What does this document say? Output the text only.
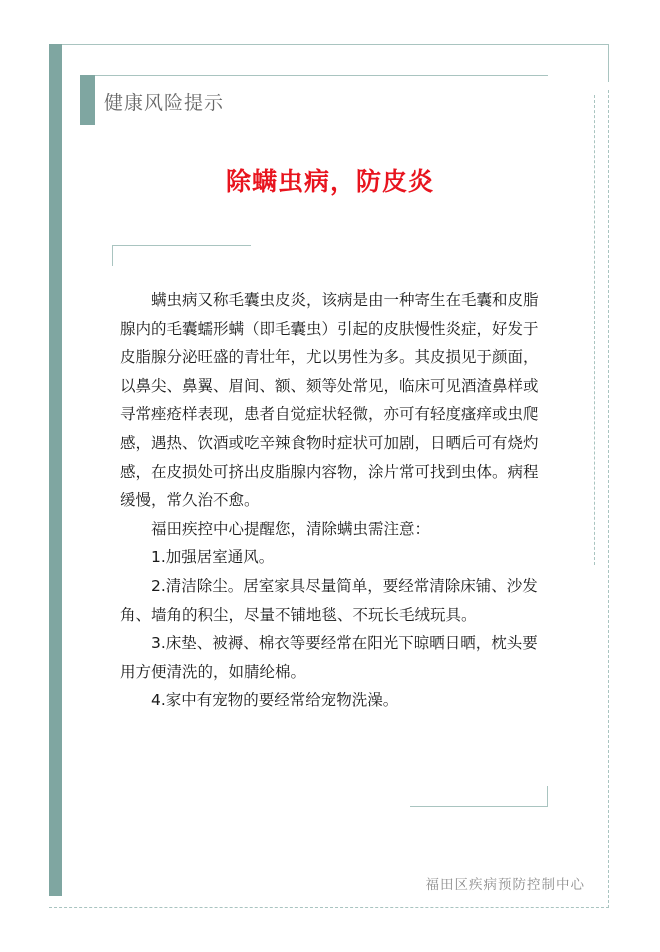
健康风险提示
除螨虫病，防皮炎

螨虫病又称毛囊虫皮炎，该病是由一种寄生在毛囊和皮脂腺内的毛囊蠕形螨（即毛囊虫）引起的皮肤慢性炎症，好发于皮脂腺分泌旺盛的青壮年，尤以男性为多。其皮损见于颜面，以鼻尖、鼻翼、眉间、额、颏等处常见，临床可见酒渣鼻样或寻常痤疮样表现，患者自觉症状轻微，亦可有轻度瘙痒或虫爬感，遇热、饮酒或吃辛辣食物时症状可加剧，日晒后可有烧灼感，在皮损处可挤出皮脂腺内容物，涂片常可找到虫体。病程缓慢，常久治不愈。

福田疾控中心提醒您，清除螨虫需注意：

1.加强居室通风。

2.清洁除尘。居室家具尽量简单，要经常清除床铺、沙发角、墙角的积尘，尽量不铺地毯、不玩长毛绒玩具。

3.床垫、被褥、棉衣等要经常在阳光下晾晒日晒，枕头要用方便清洗的，如腈纶棉。

4.家中有宠物的要经常给宠物洗澡。

福田区疾病预防控制中心
